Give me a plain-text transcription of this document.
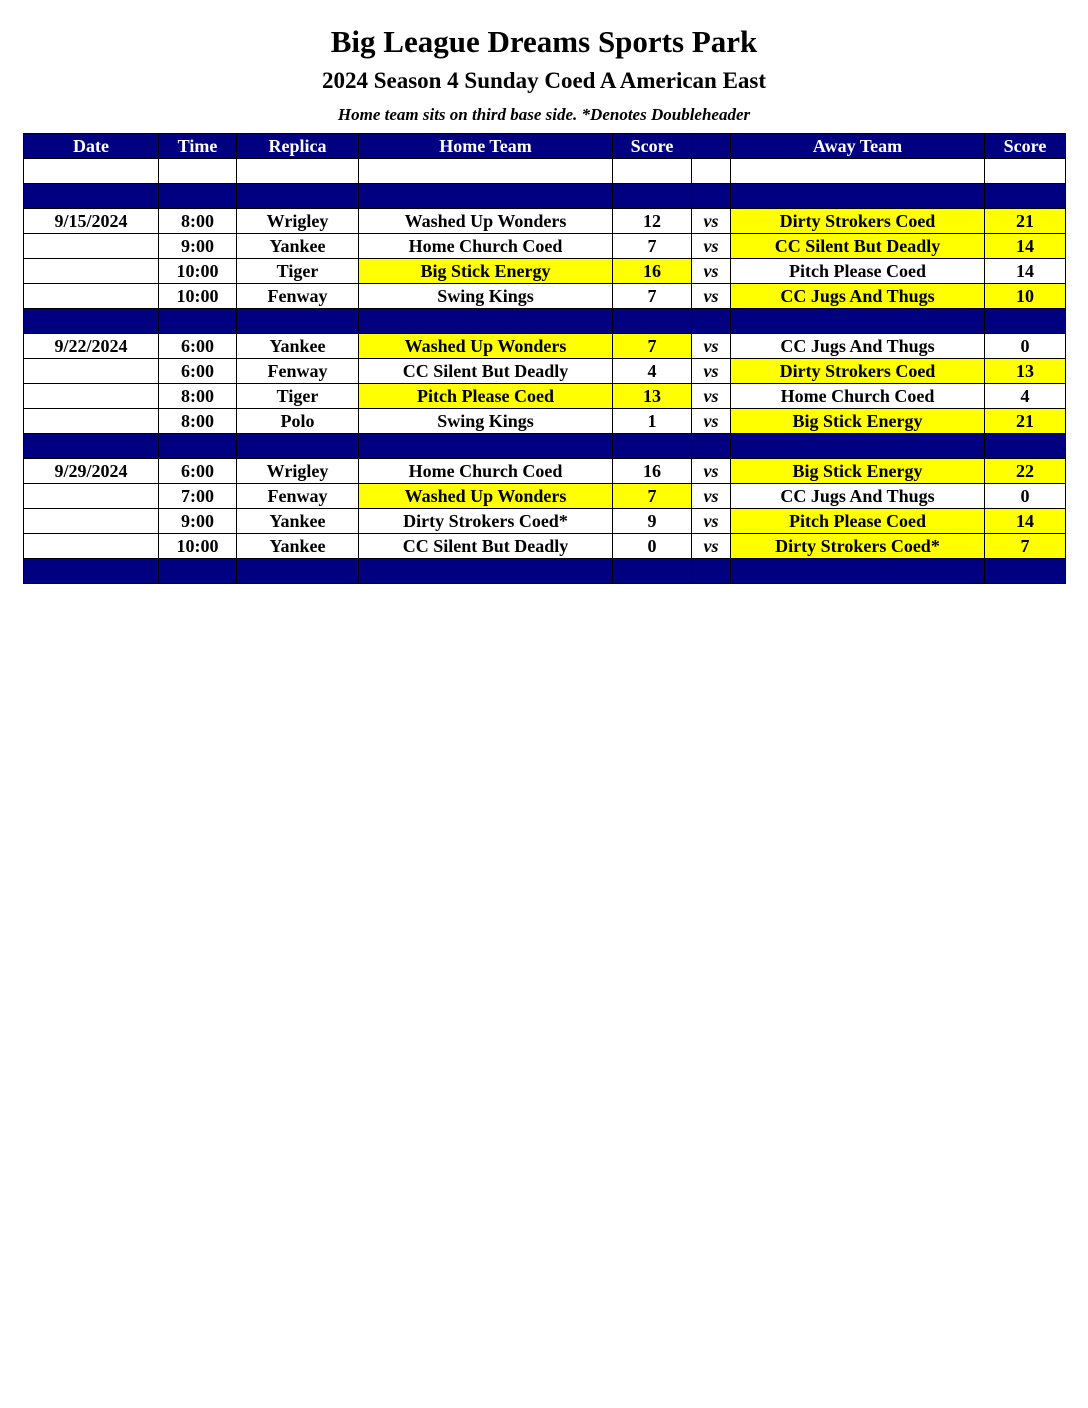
Big League Dreams Sports Park
2024 Season 4 Sunday Coed A American East
Home team sits on third base side. *Denotes Doubleheader
Date	Time	Replica	Home Team	Score		Away Team	Score

9/15/2024	8:00	Wrigley	Washed Up Wonders	12	vs	Dirty Strokers Coed	21
	9:00	Yankee	Home Church Coed	7	vs	CC Silent But Deadly	14
	10:00	Tiger	Big Stick Energy	16	vs	Pitch Please Coed	14
	10:00	Fenway	Swing Kings	7	vs	CC Jugs And Thugs	10

9/22/2024	6:00	Yankee	Washed Up Wonders	7	vs	CC Jugs And Thugs	0
	6:00	Fenway	CC Silent But Deadly	4	vs	Dirty Strokers Coed	13
	8:00	Tiger	Pitch Please Coed	13	vs	Home Church Coed	4
	8:00	Polo	Swing Kings	1	vs	Big Stick Energy	21

9/29/2024	6:00	Wrigley	Home Church Coed	16	vs	Big Stick Energy	22
	7:00	Fenway	Washed Up Wonders	7	vs	CC Jugs And Thugs	0
	9:00	Yankee	Dirty Strokers Coed*	9	vs	Pitch Please Coed	14
	10:00	Yankee	CC Silent But Deadly	0	vs	Dirty Strokers Coed*	7
